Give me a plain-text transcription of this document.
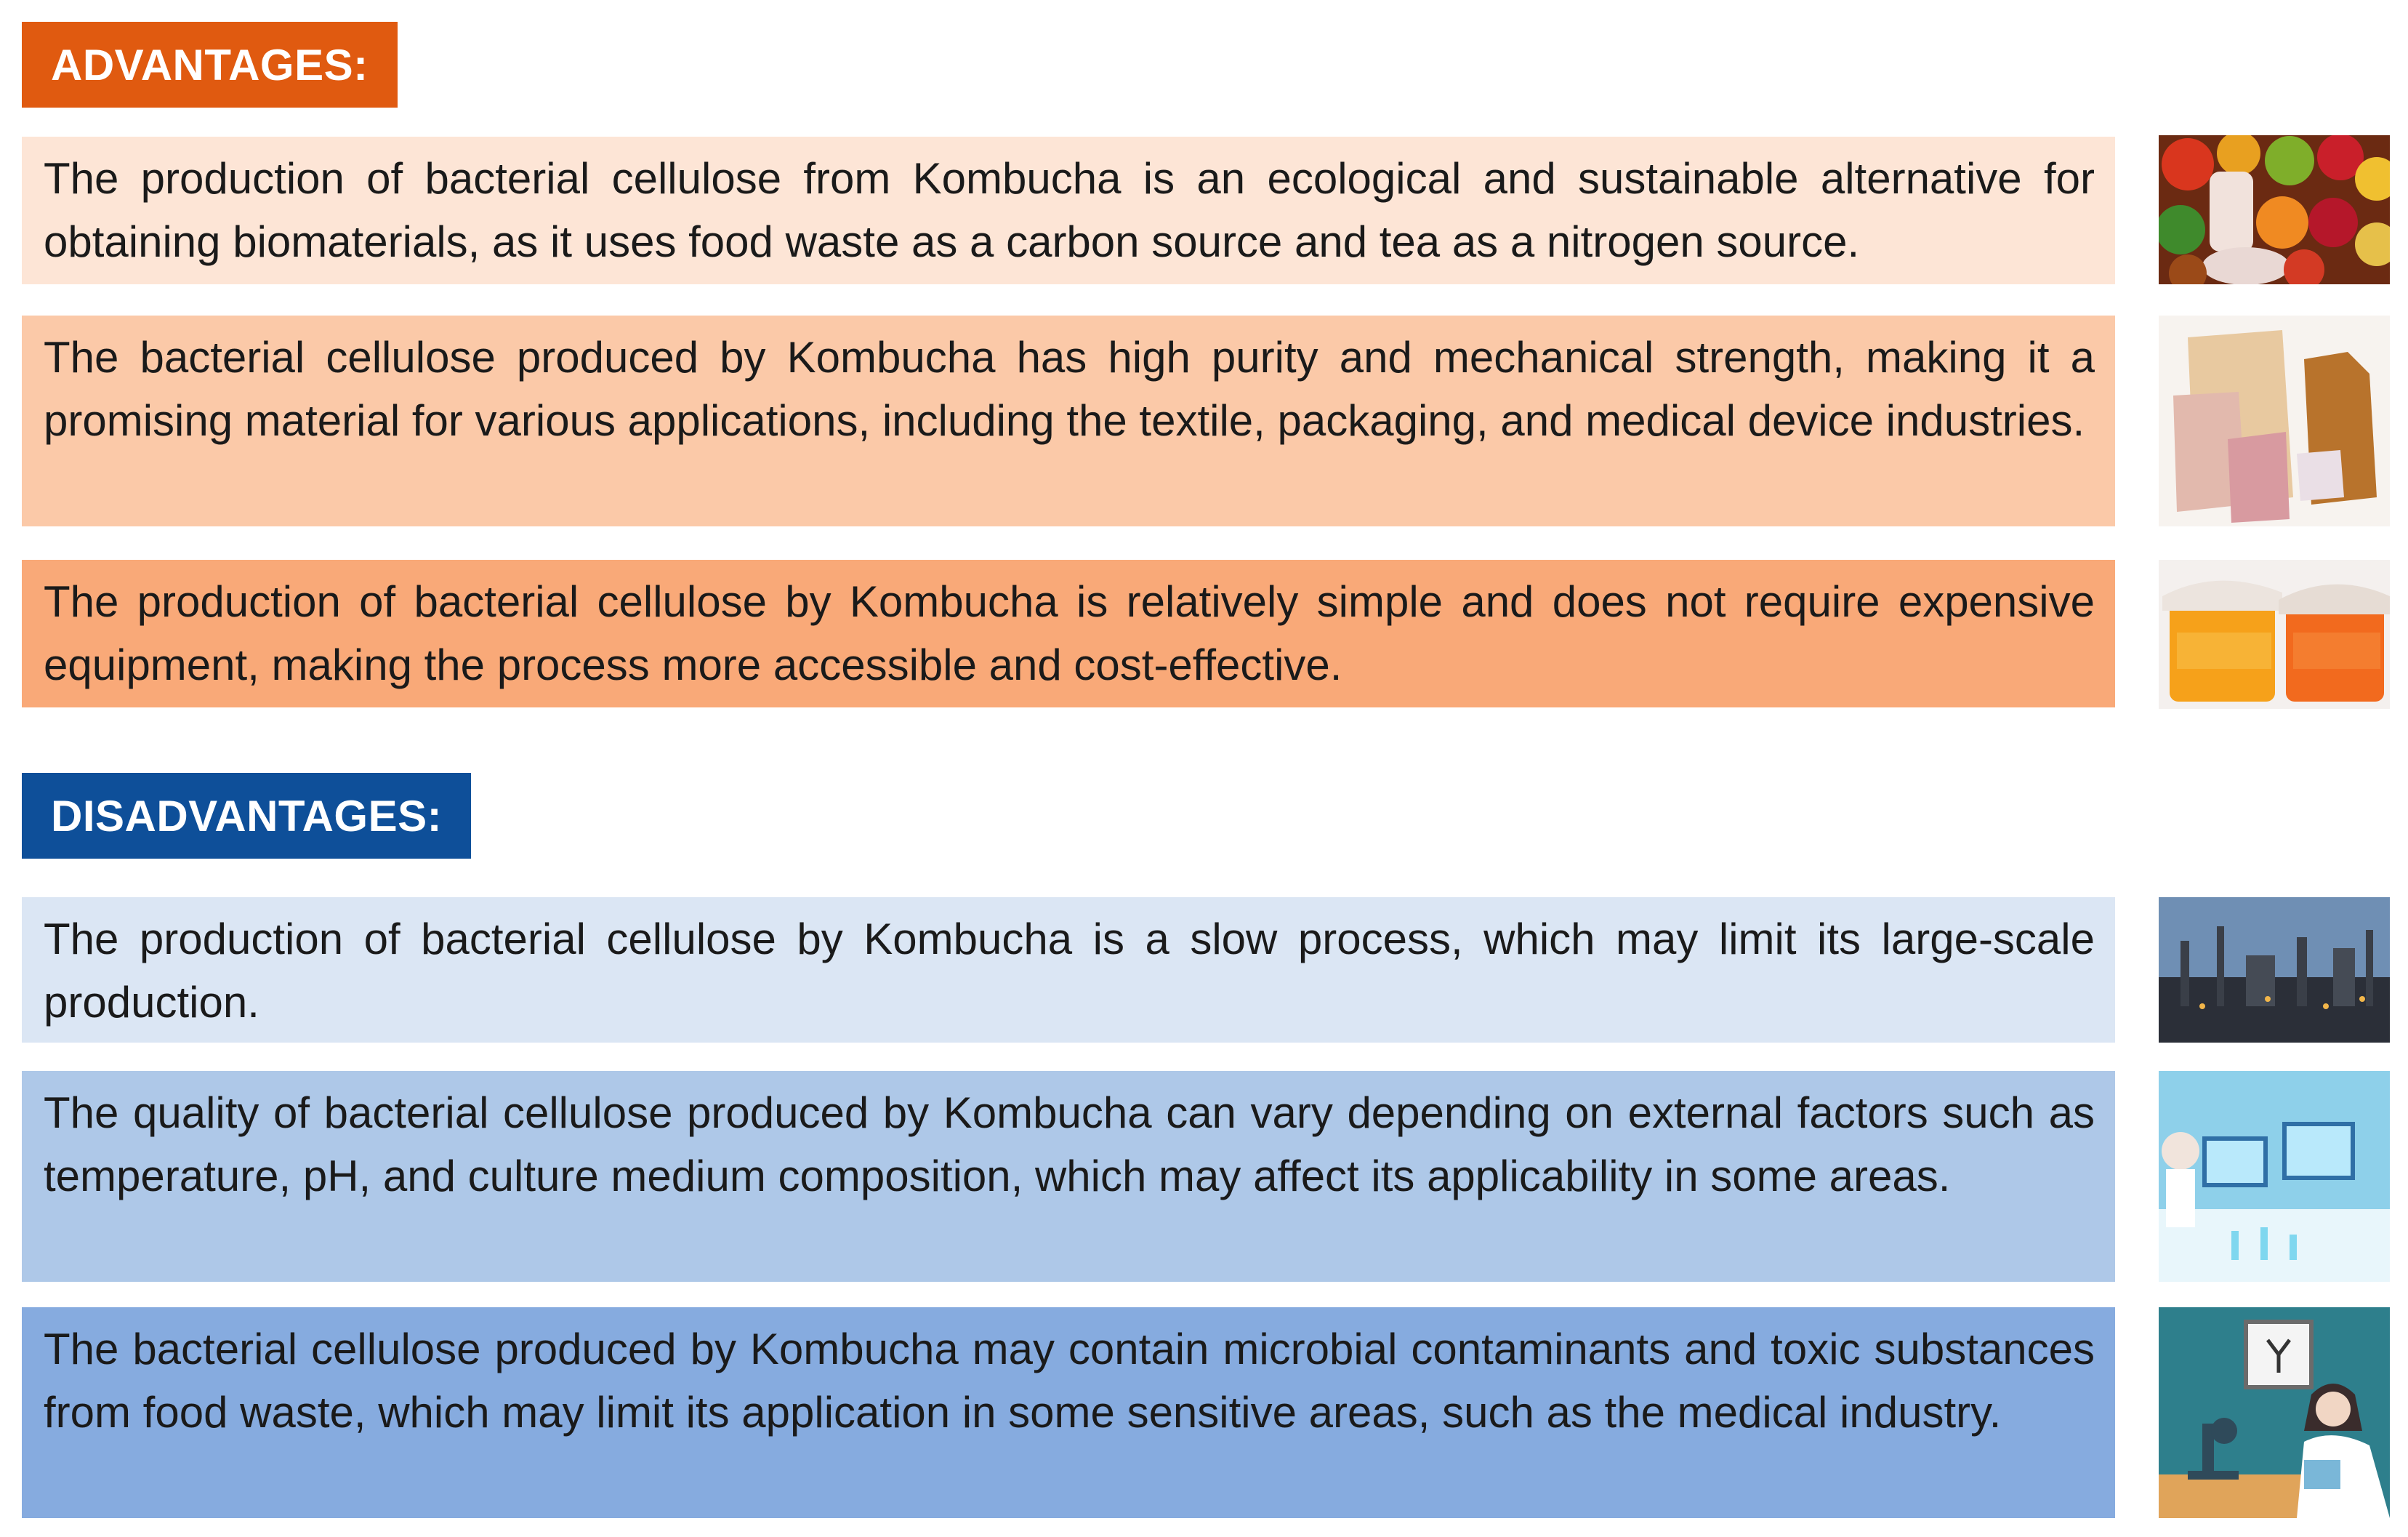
ADVANTAGES:
The production of bacterial cellulose from Kombucha is an ecological and sustainable alternative for obtaining biomaterials, as it uses food waste as a carbon source and tea as a nitrogen source.
The bacterial cellulose produced by Kombucha has high purity and mechanical strength, making it a promising material for various applications, including the textile, packaging, and medical device industries.
The production of bacterial cellulose by Kombucha is relatively simple and does not require expensive equipment, making the process more accessible and cost-effective.
DISADVANTAGES:
The production of bacterial cellulose by Kombucha is a slow process, which may limit its large-scale production.
The quality of bacterial cellulose produced by Kombucha can vary depending on external factors such as temperature, pH, and culture medium composition, which may affect its applicability in some areas.
The bacterial cellulose produced by Kombucha may contain microbial contaminants and toxic substances from food waste, which may limit its application in some sensitive areas, such as the medical industry.
